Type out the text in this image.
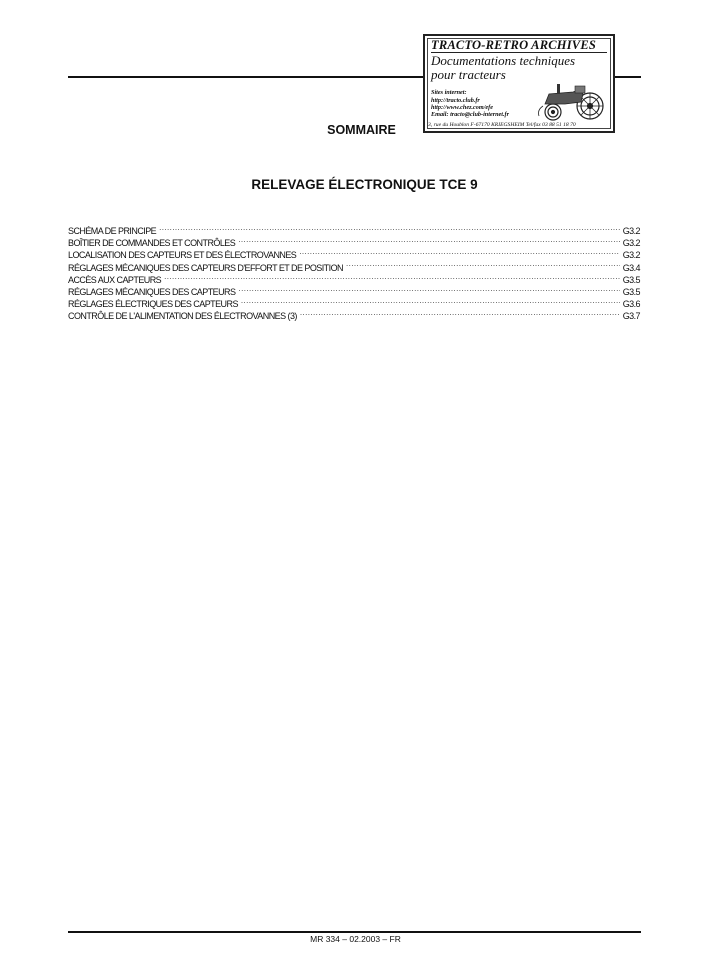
TRACTO-RETRO ARCHIVES
Documentations techniques
pour tracteurs
Sites internet:
http://tracto.club.fr
http://www.chez.com/efe
Email: tracto@club-internet.fr
3, rue du Houblon F-67170 KRIEGSHEIM Tel/fax 03 88 51 18 70
SOMMAIRE
RELEVAGE ÉLECTRONIQUE TCE 9
SCHÉMA DE PRINCIPE .....	G3.2
BOÎTIER DE COMMANDES ET CONTRÔLES .....	G3.2
LOCALISATION DES CAPTEURS ET DES ÉLECTROVANNES .....	G3.2
RÉGLAGES MÉCANIQUES DES CAPTEURS D'EFFORT ET DE POSITION .....	G3.4
ACCÈS AUX CAPTEURS .....	G3.5
RÉGLAGES MÉCANIQUES DES CAPTEURS .....	G3.5
RÉGLAGES ÉLECTRIQUES DES CAPTEURS .....	G3.6
CONTRÔLE DE L'ALIMENTATION DES ÉLECTROVANNES (3) .....	G3.7
MR 334 – 02.2003 – FR
